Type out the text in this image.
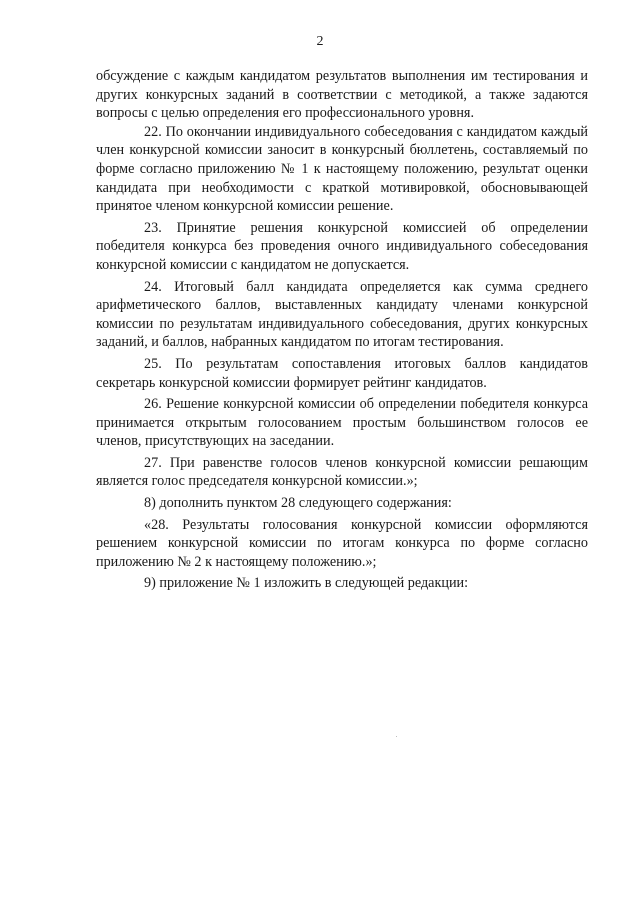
2

обсуждение с каждым кандидатом результатов выполнения им тестирования и других конкурсных заданий в соответствии с методикой, а также задаются вопросы с целью определения его профессионального уровня.

22. По окончании индивидуального собеседования с кандидатом каждый член конкурсной комиссии заносит в конкурсный бюллетень, составляемый по форме согласно приложению № 1 к настоящему положению, результат оценки кандидата при необходимости с краткой мотивировкой, обосновывающей принятое членом конкурсной комиссии решение.

23. Принятие решения конкурсной комиссией об определении победителя конкурса без проведения очного индивидуального собеседования конкурсной комиссии с кандидатом не допускается.

24. Итоговый балл кандидата определяется как сумма среднего арифметического баллов, выставленных кандидату членами конкурсной комиссии по результатам индивидуального собеседования, других конкурсных заданий, и баллов, набранных кандидатом по итогам тестирования.

25. По результатам сопоставления итоговых баллов кандидатов секретарь конкурсной комиссии формирует рейтинг кандидатов.

26. Решение конкурсной комиссии об определении победителя конкурса принимается открытым голосованием простым большинством голосов ее членов, присутствующих на заседании.

27. При равенстве голосов членов конкурсной комиссии решающим является голос председателя конкурсной комиссии.»;

8) дополнить пунктом 28 следующего содержания:

«28. Результаты голосования конкурсной комиссии оформляются решением конкурсной комиссии по итогам конкурса по форме согласно приложению № 2 к настоящему положению.»;

9) приложение № 1 изложить в следующей редакции:
